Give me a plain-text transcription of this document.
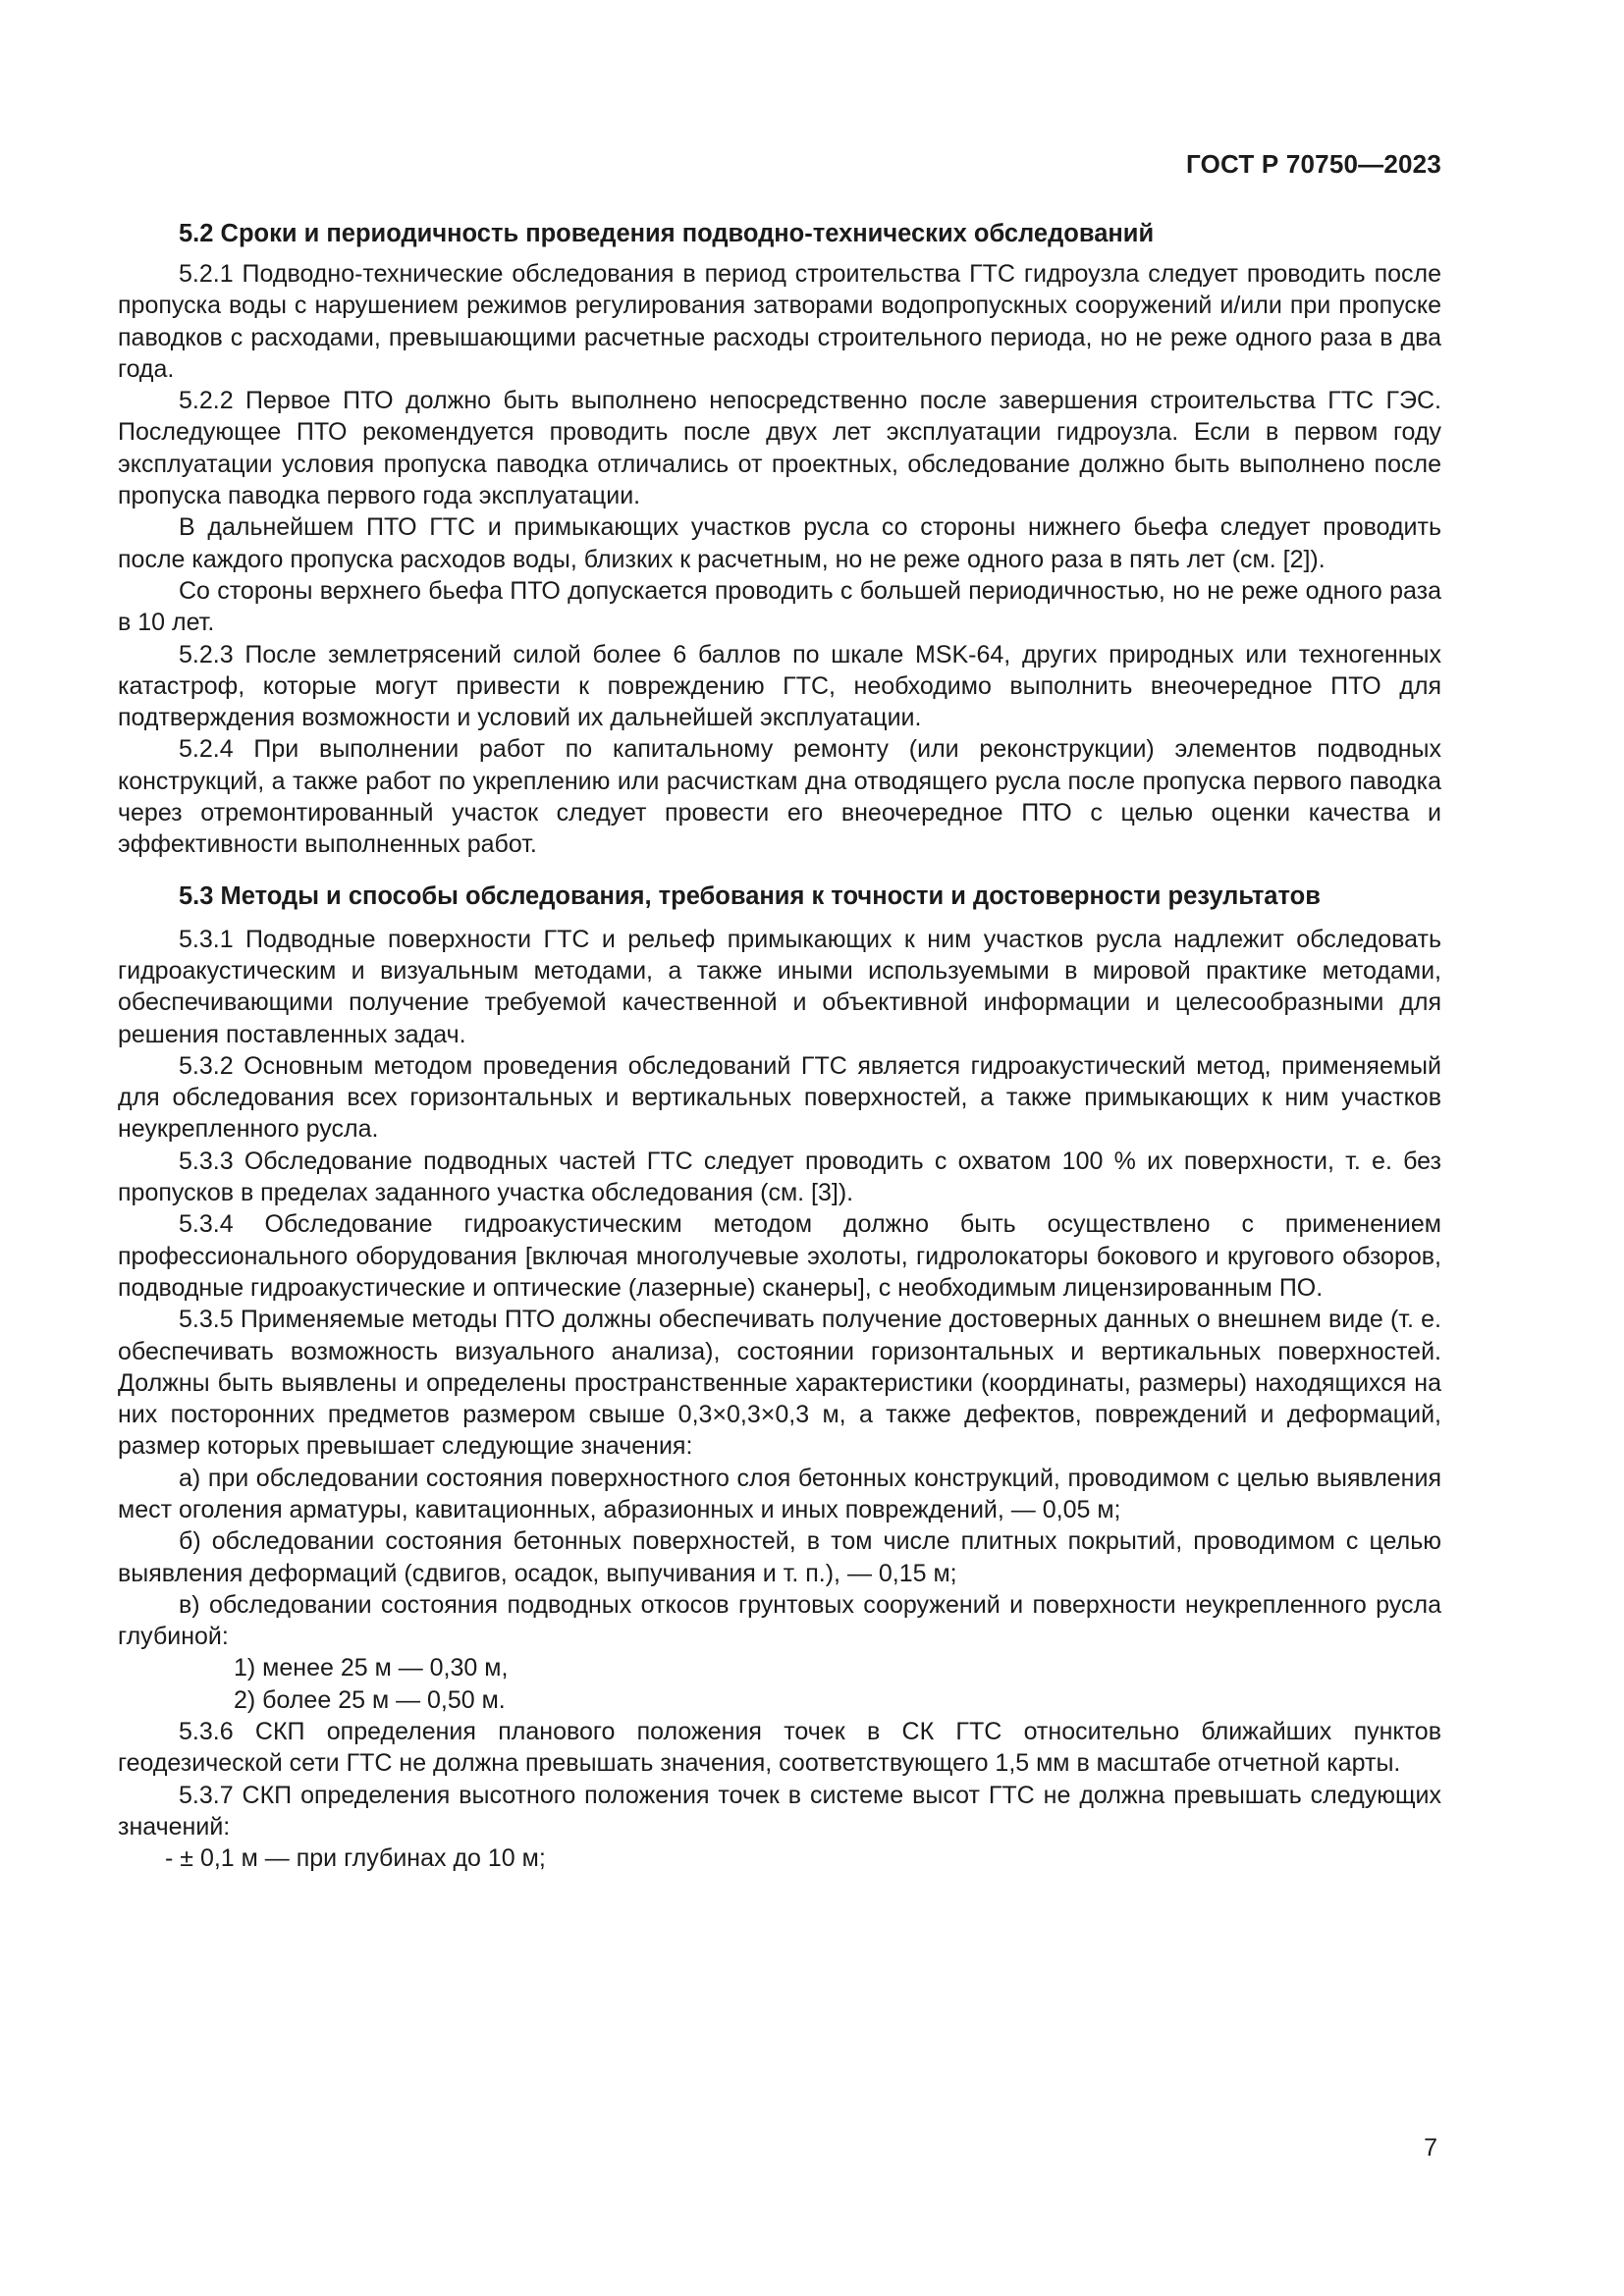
ГОСТ Р 70750—2023
5.2 Сроки и периодичность проведения подводно-технических обследований

5.2.1 Подводно-технические обследования в период строительства ГТС гидроузла следует проводить после пропуска воды с нарушением режимов регулирования затворами водопропускных сооружений и/или при пропуске паводков с расходами, превышающими расчетные расходы строительного периода, но не реже одного раза в два года.

5.2.2 Первое ПТО должно быть выполнено непосредственно после завершения строительства ГТС ГЭС. Последующее ПТО рекомендуется проводить после двух лет эксплуатации гидроузла. Если в первом году эксплуатации условия пропуска паводка отличались от проектных, обследование должно быть выполнено после пропуска паводка первого года эксплуатации.

В дальнейшем ПТО ГТС и примыкающих участков русла со стороны нижнего бьефа следует проводить после каждого пропуска расходов воды, близких к расчетным, но не реже одного раза в пять лет (см. [2]).

Со стороны верхнего бьефа ПТО допускается проводить с большей периодичностью, но не реже одного раза в 10 лет.

5.2.3 После землетрясений силой более 6 баллов по шкале MSK-64, других природных или техногенных катастроф, которые могут привести к повреждению ГТС, необходимо выполнить внеочередное ПТО для подтверждения возможности и условий их дальнейшей эксплуатации.

5.2.4 При выполнении работ по капитальному ремонту (или реконструкции) элементов подводных конструкций, а также работ по укреплению или расчисткам дна отводящего русла после пропуска первого паводка через отремонтированный участок следует провести его внеочередное ПТО с целью оценки качества и эффективности выполненных работ.

5.3 Методы и способы обследования, требования к точности и достоверности результатов

5.3.1 Подводные поверхности ГТС и рельеф примыкающих к ним участков русла надлежит обследовать гидроакустическим и визуальным методами, а также иными используемыми в мировой практике методами, обеспечивающими получение требуемой качественной и объективной информации и целесообразными для решения поставленных задач.

5.3.2 Основным методом проведения обследований ГТС является гидроакустический метод, применяемый для обследования всех горизонтальных и вертикальных поверхностей, а также примыкающих к ним участков неукрепленного русла.

5.3.3 Обследование подводных частей ГТС следует проводить с охватом 100 % их поверхности, т. е. без пропусков в пределах заданного участка обследования (см. [3]).

5.3.4 Обследование гидроакустическим методом должно быть осуществлено с применением профессионального оборудования [включая многолучевые эхолоты, гидролокаторы бокового и кругового обзоров, подводные гидроакустические и оптические (лазерные) сканеры], с необходимым лицензированным ПО.

5.3.5 Применяемые методы ПТО должны обеспечивать получение достоверных данных о внешнем виде (т. е. обеспечивать возможность визуального анализа), состоянии горизонтальных и вертикальных поверхностей. Должны быть выявлены и определены пространственные характеристики (координаты, размеры) находящихся на них посторонних предметов размером свыше 0,3×0,3×0,3 м, а также дефектов, повреждений и деформаций, размер которых превышает следующие значения:

а) при обследовании состояния поверхностного слоя бетонных конструкций, проводимом с целью выявления мест оголения арматуры, кавитационных, абразионных и иных повреждений, — 0,05 м;

б) обследовании состояния бетонных поверхностей, в том числе плитных покрытий, проводимом с целью выявления деформаций (сдвигов, осадок, выпучивания и т. п.), — 0,15 м;

в) обследовании состояния подводных откосов грунтовых сооружений и поверхности неукрепленного русла глубиной:

1) менее 25 м — 0,30 м,

2) более 25 м — 0,50 м.

5.3.6 СКП определения планового положения точек в СК ГТС относительно ближайших пунктов геодезической сети ГТС не должна превышать значения, соответствующего 1,5 мм в масштабе отчетной карты.

5.3.7 СКП определения высотного положения точек в системе высот ГТС не должна превышать следующих значений:

- ± 0,1 м — при глубинах до 10 м;

7
